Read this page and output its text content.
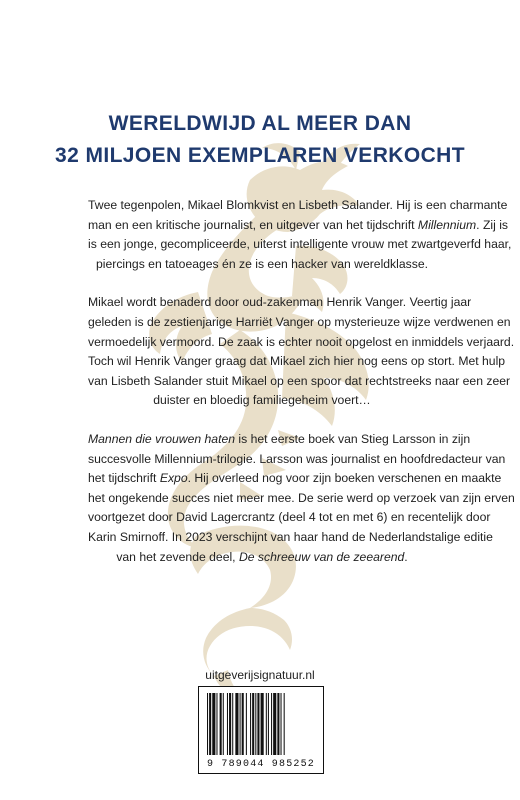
WERELDWIJD AL MEER DAN
32 MILJOEN EXEMPLAREN VERKOCHT

Twee tegenpolen, Mikael Blomkvist en Lisbeth Salander. Hij is een charmante
man en een kritische journalist, en uitgever van het tijdschrift Millennium. Zij is
is een jonge, gecompliceerde, uiterst intelligente vrouw met zwartgeverfd haar,
piercings en tatoeages én ze is een hacker van wereldklasse.

Mikael wordt benaderd door oud-zakenman Henrik Vanger. Veertig jaar
geleden is de zestienjarige Harriët Vanger op mysterieuze wijze verdwenen en
vermoedelijk vermoord. De zaak is echter nooit opgelost en inmiddels verjaard.
Toch wil Henrik Vanger graag dat Mikael zich hier nog eens op stort. Met hulp
van Lisbeth Salander stuit Mikael op een spoor dat rechtstreeks naar een zeer
duister en bloedig familiegeheim voert…

Mannen die vrouwen haten is het eerste boek van Stieg Larsson in zijn
succesvolle Millennium-trilogie. Larsson was journalist en hoofdredacteur van
het tijdschrift Expo. Hij overleed nog voor zijn boeken verschenen en maakte
het ongekende succes niet meer mee. De serie werd op verzoek van zijn erven
voortgezet door David Lagercrantz (deel 4 tot en met 6) en recentelijk door
Karin Smirnoff. In 2023 verschijnt van haar hand de Nederlandstalige editie
van het zevende deel, De schreeuw van de zeearend.

uitgeverijsignatuur.nl
9 789044 985252
